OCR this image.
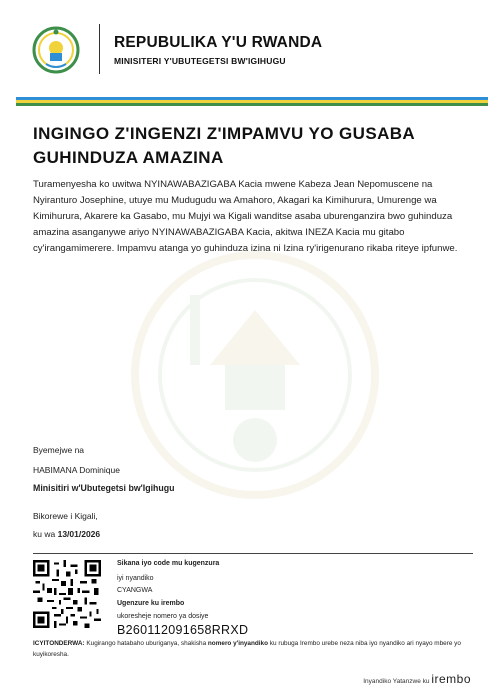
REPUBULIKA Y'U RWANDA
MINISITERI Y'UBUTEGETSI BW'IGIHUGU
INGINGO Z'INGENZI Z'IMPAMVU YO GUSABA GUHINDUZA AMAZINA
Turamenyesha ko uwitwa NYINAWABAZIGABA Kacia mwene Kabeza Jean Nepomuscene na Nyiranturo Josephine, utuye mu Mudugudu wa Amahoro, Akagari ka Kimihurura, Umurenge wa Kimihurura, Akarere ka Gasabo, mu Mujyi wa Kigali wanditse asaba uburenganzira bwo guhinduza amazina asanganywe ariyo NYINAWABAZIGABA Kacia, akitwa INEZA Kacia mu gitabo cy'irangamimerere. Impamvu atanga yo guhinduza izina ni Izina ry'irigenurano rikaba riteye ipfunwe.
Byemejwe na
HABIMANA Dominique
Minisitiri w'Ubutegetsi bw'Igihugu
Bikorewe i Kigali,
ku wa 13/01/2026
Sikana iyo code mu kugenzura
iyi nyandiko
CYANGWA
Ugenzure ku irembo
ukoresheje nomero ya dosiye
B260112091658RRXD
ICYITONDERWA: Kugirango hatabaho uburiganya, shakisha nomero y'inyandiko ku rubuga Irembo urebe neza niba iyo nyandiko ari nyayo mbere yo kuyikoresha.
Inyandiko Yatanzwe ku irembo
